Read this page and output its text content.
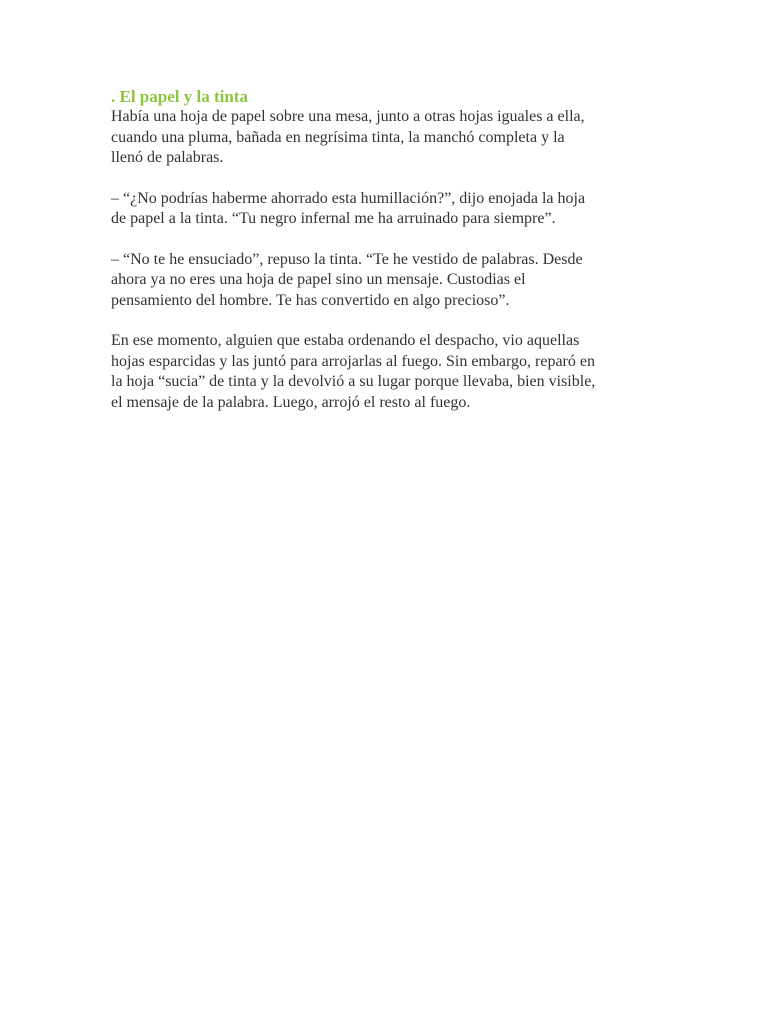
. El papel y la tinta
Había una hoja de papel sobre una mesa, junto a otras hojas iguales a ella,
cuando una pluma, bañada en negrísima tinta, la manchó completa y la
llenó de palabras.
– “¿No podrías haberme ahorrado esta humillación?”, dijo enojada la hoja
de papel a la tinta. “Tu negro infernal me ha arruinado para siempre”.
– “No te he ensuciado”, repuso la tinta. “Te he vestido de palabras. Desde
ahora ya no eres una hoja de papel sino un mensaje. Custodias el
pensamiento del hombre. Te has convertido en algo precioso”.
En ese momento, alguien que estaba ordenando el despacho, vio aquellas
hojas esparcidas y las juntó para arrojarlas al fuego. Sin embargo, reparó en
la hoja “sucia” de tinta y la devolvió a su lugar porque llevaba, bien visible,
el mensaje de la palabra. Luego, arrojó el resto al fuego.
